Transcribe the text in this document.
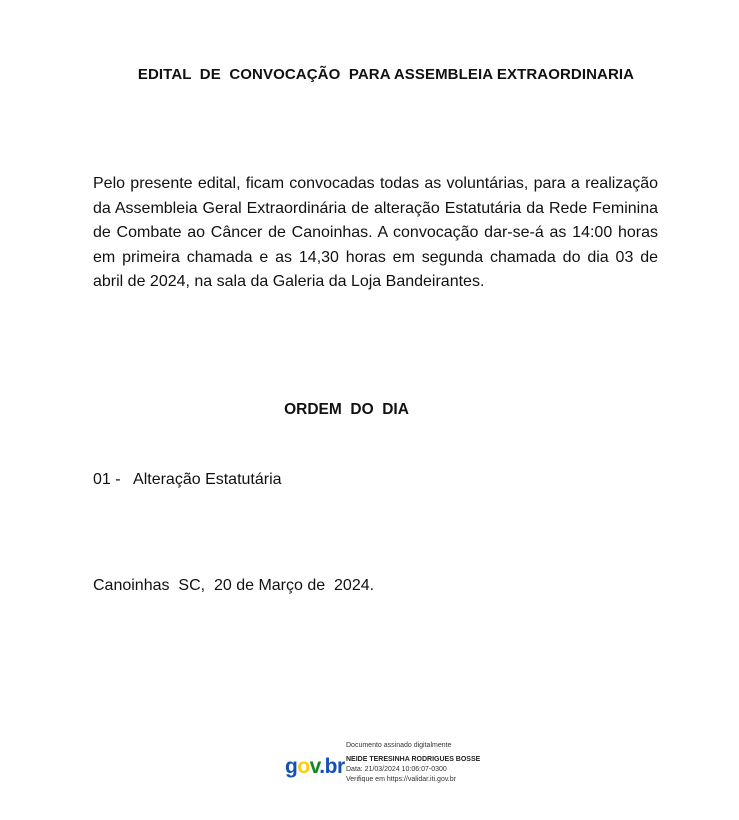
EDITAL  DE  CONVOCAÇÃO  PARA ASSEMBLEIA EXTRAORDINARIA

Pelo presente edital, ficam convocadas todas as voluntárias, para a realização da Assembleia Geral Extraordinária de alteração Estatutária da Rede Feminina de Combate ao Câncer de Canoinhas. A convocação dar-se-á as 14:00 horas em primeira chamada e as 14,30 horas em segunda chamada do dia 03 de abril de 2024, na sala da Galeria da Loja Bandeirantes.

ORDEM  DO  DIA
01 -   Alteração Estatutária
Canoinhas  SC,  20 de Março de  2024.
gov.br
Documento assinado digitalmente
NEIDE TERESINHA RODRIGUES BOSSE
Data: 21/03/2024 10:06:07-0300
Verifique em https://validar.iti.gov.br
